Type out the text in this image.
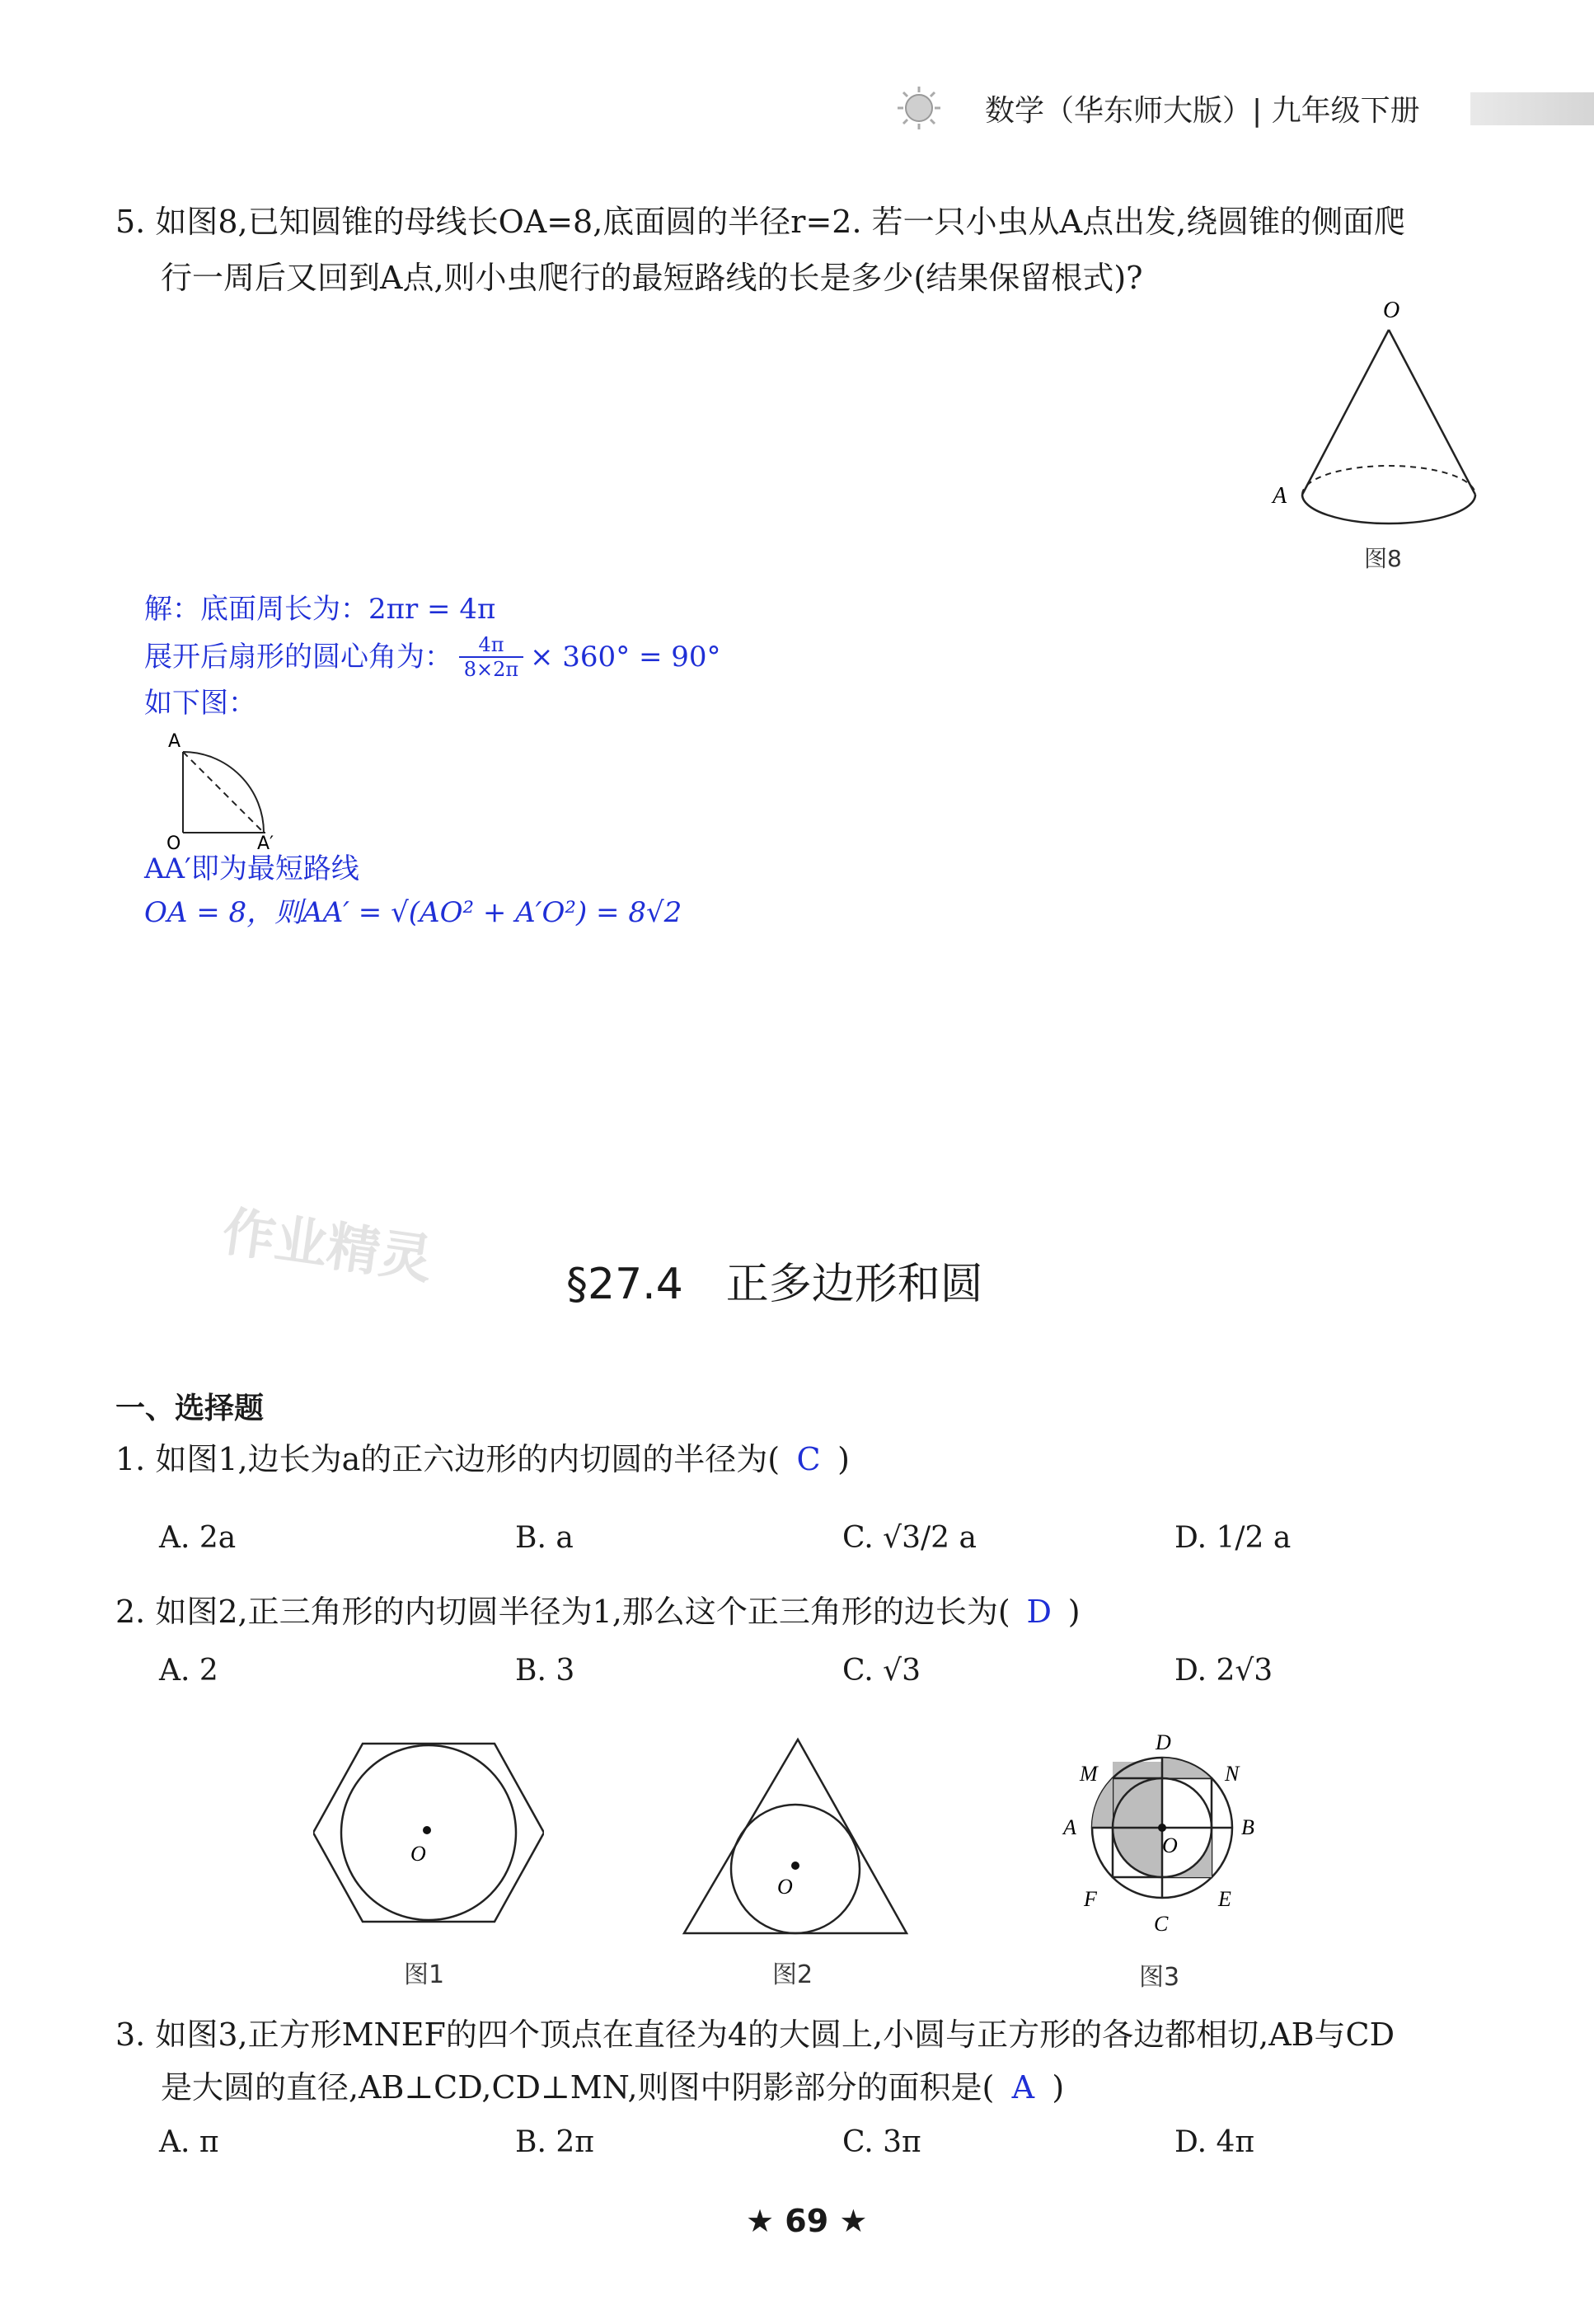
数学（华东师大版）| 九年级下册
5. 如图8,已知圆锥的母线长OA=8,底面圆的半径r=2. 若一只小虫从A点出发,绕圆锥的侧面爬
行一周后又回到A点,则小虫爬行的最短路线的长是多少(结果保留根式)?
O
A
图8
解：底面周长为：2πr = 4π
展开后扇形的圆心角为： $\frac{4\pi}{8\times 2\pi} \times 360^\circ = 90^\circ$
如下图：
A
O	A′
AA′即为最短路线
OA = 8，则AA′ = √(AO² + A′O²) = 8√2
作业精灵	§27.4　正多边形和圆
一、选择题
1. 如图1,边长为a的正六边形的内切圆的半径为( C )
A. 2a	B. a	C. √3/2 a	D. 1/2 a
2. 如图2,正三角形的内切圆半径为1,那么这个正三角形的边长为( D )
A. 2	B. 3	C. √3	D. 2√3
O
图1
O
图2
D
M	N
A	B
O
F	E
C
图3
3. 如图3,正方形MNEF的四个顶点在直径为4的大圆上,小圆与正方形的各边都相切,AB与CD
是大圆的直径,AB⊥CD,CD⊥MN,则图中阴影部分的面积是( A )
A. π	B. 2π	C. 3π	D. 4π
★ 69 ★
